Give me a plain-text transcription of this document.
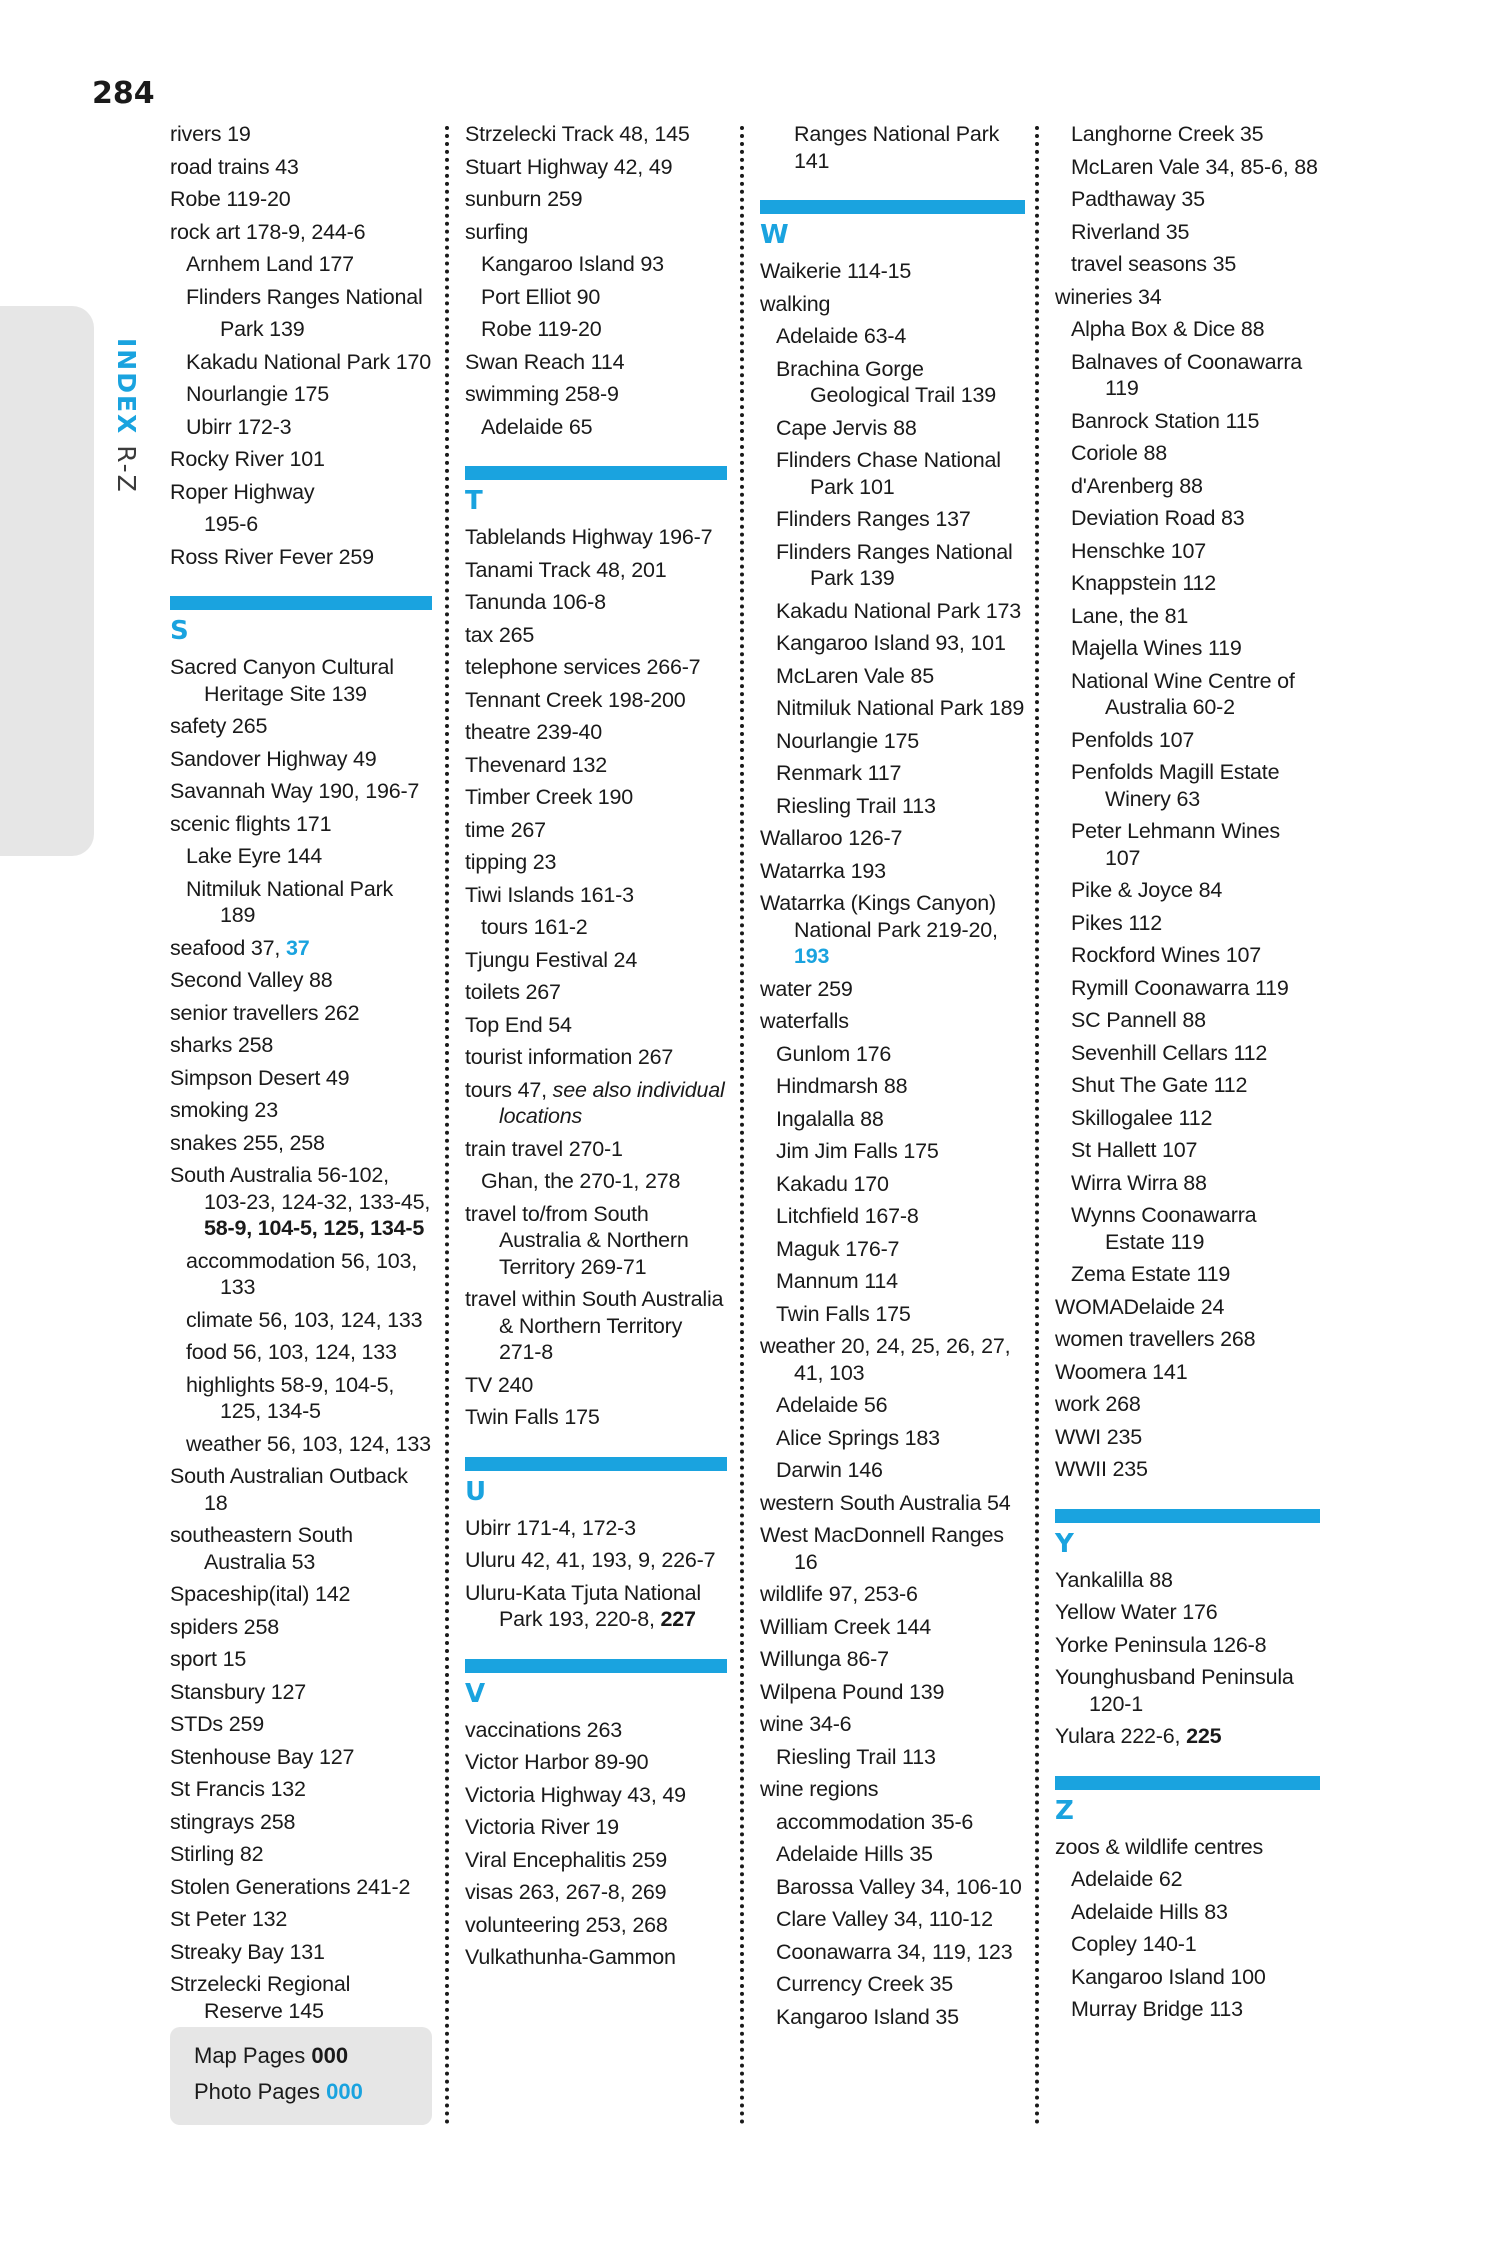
284
INDEX R-Z
rivers 19
road trains 43
Robe 119-20
rock art 178-9, 244-6
Arnhem Land 177
Flinders Ranges National
Park 139
Kakadu National Park 170
Nourlangie 175
Ubirr 172-3
Rocky River 101
Roper Highway
195-6
Ross River Fever 259
S
Sacred Canyon Cultural Heritage Site 139
safety 265
Sandover Highway 49
Savannah Way 190, 196-7
scenic flights 171
Lake Eyre 144
Nitmiluk National Park 189
seafood 37, 37
Second Valley 88
senior travellers 262
sharks 258
Simpson Desert 49
smoking 23
snakes 255, 258
South Australia 56-102, 103-23, 124-32, 133-45, 58-9, 104-5, 125, 134-5
accommodation 56, 103, 133
climate 56, 103, 124, 133
food 56, 103, 124, 133
highlights 58-9, 104-5, 125, 134-5
weather 56, 103, 124, 133
South Australian Outback 18
southeastern South Australia 53
Spaceship(ital) 142
spiders 258
sport 15
Stansbury 127
STDs 259
Stenhouse Bay 127
St Francis 132
stingrays 258
Stirling 82
Stolen Generations 241-2
St Peter 132
Streaky Bay 131
Strzelecki Regional Reserve 145
Strzelecki Track 48, 145
Stuart Highway 42, 49
sunburn 259
surfing
Kangaroo Island 93
Port Elliot 90
Robe 119-20
Swan Reach 114
swimming 258-9
Adelaide 65
T
Tablelands Highway 196-7
Tanami Track 48, 201
Tanunda 106-8
tax 265
telephone services 266-7
Tennant Creek 198-200
theatre 239-40
Thevenard 132
Timber Creek 190
time 267
tipping 23
Tiwi Islands 161-3
tours 161-2
Tjungu Festival 24
toilets 267
Top End 54
tourist information 267
tours 47, see also individual locations
train travel 270-1
Ghan, the 270-1, 278
travel to/from South Australia & Northern Territory 269-71
travel within South Australia & Northern Territory 271-8
TV 240
Twin Falls 175
U
Ubirr 171-4, 172-3
Uluru 42, 41, 193, 9, 226-7
Uluru-Kata Tjuta National Park 193, 220-8, 227
V
vaccinations 263
Victor Harbor 89-90
Victoria Highway 43, 49
Victoria River 19
Viral Encephalitis 259
visas 263, 267-8, 269
volunteering 253, 268
Vulkathunha-Gammon
Ranges National Park 141
W
Waikerie 114-15
walking
Adelaide 63-4
Brachina Gorge Geological Trail 139
Cape Jervis 88
Flinders Chase National Park 101
Flinders Ranges 137
Flinders Ranges National Park 139
Kakadu National Park 173
Kangaroo Island 93, 101
McLaren Vale 85
Nitmiluk National Park 189
Nourlangie 175
Renmark 117
Riesling Trail 113
Wallaroo 126-7
Watarrka 193
Watarrka (Kings Canyon) National Park 219-20, 193
water 259
waterfalls
Gunlom 176
Hindmarsh 88
Ingalalla 88
Jim Jim Falls 175
Kakadu 170
Litchfield 167-8
Maguk 176-7
Mannum 114
Twin Falls 175
weather 20, 24, 25, 26, 27, 41, 103
Adelaide 56
Alice Springs 183
Darwin 146
western South Australia 54
West MacDonnell Ranges 16
wildlife 97, 253-6
William Creek 144
Willunga 86-7
Wilpena Pound 139
wine 34-6
Riesling Trail 113
wine regions
accommodation 35-6
Adelaide Hills 35
Barossa Valley 34, 106-10
Clare Valley 34, 110-12
Coonawarra 34, 119, 123
Currency Creek 35
Kangaroo Island 35
Langhorne Creek 35
McLaren Vale 34, 85-6, 88
Padthaway 35
Riverland 35
travel seasons 35
wineries 34
Alpha Box & Dice 88
Balnaves of Coonawarra 119
Banrock Station 115
Coriole 88
d'Arenberg 88
Deviation Road 83
Henschke 107
Knappstein 112
Lane, the 81
Majella Wines 119
National Wine Centre of Australia 60-2
Penfolds 107
Penfolds Magill Estate Winery 63
Peter Lehmann Wines 107
Pike & Joyce 84
Pikes 112
Rockford Wines 107
Rymill Coonawarra 119
SC Pannell 88
Sevenhill Cellars 112
Shut The Gate 112
Skillogalee 112
St Hallett 107
Wirra Wirra 88
Wynns Coonawarra Estate 119
Zema Estate 119
WOMADelaide 24
women travellers 268
Woomera 141
work 268
WWI 235
WWII 235
Y
Yankalilla 88
Yellow Water 176
Yorke Peninsula 126-8
Younghusband Peninsula 120-1
Yulara 222-6, 225
Z
zoos & wildlife centres
Adelaide 62
Adelaide Hills 83
Copley 140-1
Kangaroo Island 100
Murray Bridge 113
Map Pages 000
Photo Pages 000
